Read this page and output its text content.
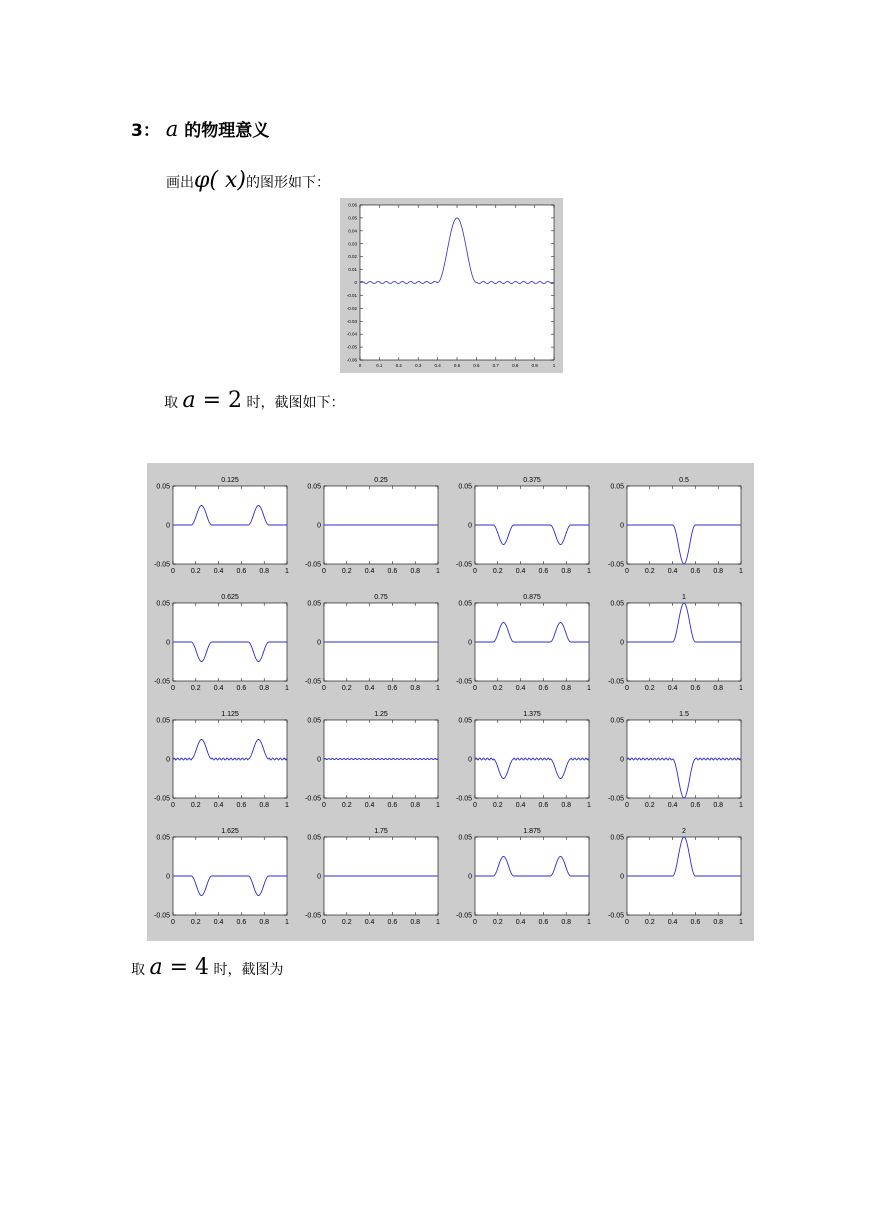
3： a 的物理意义
画出φ( x)的图形如下：
0.06
0.05
0.04
0.03
0.02
0.01
0
-0.01
-0.02
-0.03
-0.04
-0.05
-0.06
0	0.1	0.2	0.3	0.4	0.5	0.6	0.7	0.8	0.9	1
取 a = 2 时，截图如下：
0.125
0.05
0
-0.05
0 0.2 0.4 0.6 0.8 1
0.25
0.05
0
-0.05
0 0.2 0.4 0.6 0.8 1
0.375
0.05
0
-0.05
0 0.2 0.4 0.6 0.8 1
0.5
0.05
0
-0.05
0 0.2 0.4 0.6 0.8 1
0.625
0.05
0
-0.05
0 0.2 0.4 0.6 0.8 1
0.75
0.05
0
-0.05
0 0.2 0.4 0.6 0.8 1
0.875
0.05
0
-0.05
0 0.2 0.4 0.6 0.8 1
1
0.05
0
-0.05
0 0.2 0.4 0.6 0.8 1
1.125
0.05
0
-0.05
0 0.2 0.4 0.6 0.8 1
1.25
0.05
0
-0.05
0 0.2 0.4 0.6 0.8 1
1.375
0.05
0
-0.05
0 0.2 0.4 0.6 0.8 1
1.5
0.05
0
-0.05
0 0.2 0.4 0.6 0.8 1
1.625
0.05
0
-0.05
0 0.2 0.4 0.6 0.8 1
1.75
0.05
0
-0.05
0 0.2 0.4 0.6 0.8 1
1.875
0.05
0
-0.05
0 0.2 0.4 0.6 0.8 1
2
0.05
0
-0.05
0 0.2 0.4 0.6 0.8 1
取 a = 4 时，截图为
